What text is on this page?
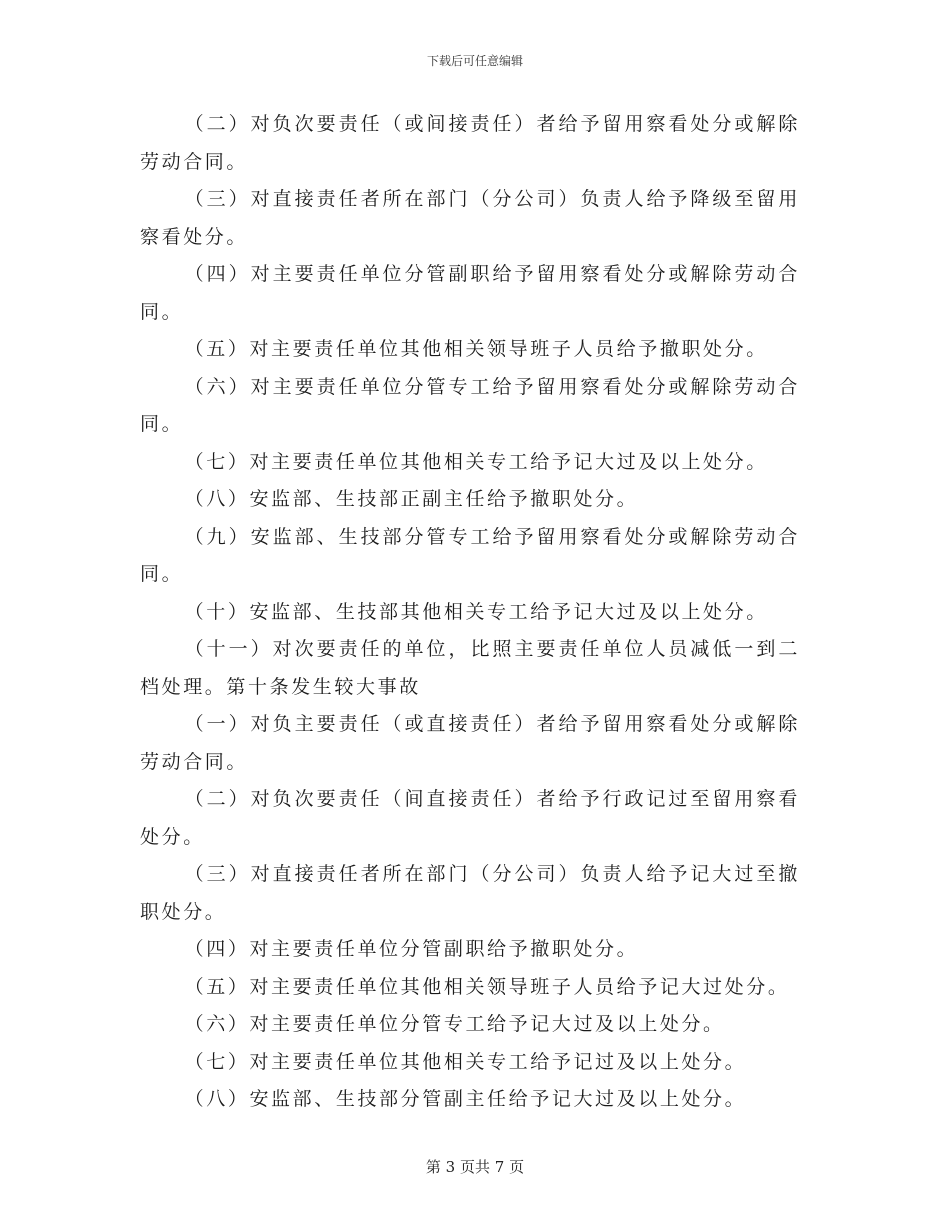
下载后可任意编辑

（二）对负次要责任（或间接责任）者给予留用察看处分或解除劳动合同。

（三）对直接责任者所在部门（分公司）负责人给予降级至留用察看处分。

（四）对主要责任单位分管副职给予留用察看处分或解除劳动合同。

（五）对主要责任单位其他相关领导班子人员给予撤职处分。

（六）对主要责任单位分管专工给予留用察看处分或解除劳动合同。

（七）对主要责任单位其他相关专工给予记大过及以上处分。

（八）安监部、生技部正副主任给予撤职处分。

（九）安监部、生技部分管专工给予留用察看处分或解除劳动合同。

（十）安监部、生技部其他相关专工给予记大过及以上处分。

（十一）对次要责任的单位，比照主要责任单位人员减低一到二档处理。第十条发生较大事故

（一）对负主要责任（或直接责任）者给予留用察看处分或解除劳动合同。

（二）对负次要责任（间直接责任）者给予行政记过至留用察看处分。

（三）对直接责任者所在部门（分公司）负责人给予记大过至撤职处分。

（四）对主要责任单位分管副职给予撤职处分。

（五）对主要责任单位其他相关领导班子人员给予记大过处分。

（六）对主要责任单位分管专工给予记大过及以上处分。

（七）对主要责任单位其他相关专工给予记过及以上处分。

（八）安监部、生技部分管副主任给予记大过及以上处分。

第 3 页共 7 页
